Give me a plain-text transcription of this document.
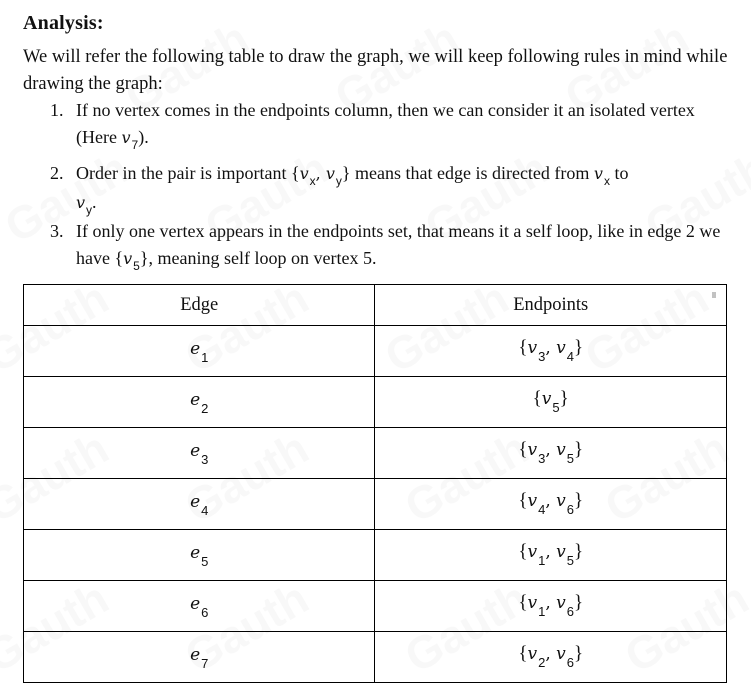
Analysis:
We will refer the following table to draw the graph, we will keep following rules in mind while drawing the graph:
1. If no vertex comes in the endpoints column, then we can consider it an isolated vertex (Here $v_7$).
2. Order in the pair is important {$v_x$, $v_y$} means that edge is directed from $v_x$ to
$v_y$.
3. If only one vertex appears in the endpoints set, that means it a self loop, like in edge 2 we have $\{v_5\}$, meaning self loop on vertex 5.
Edge	Endpoints
$e_1$	{$v_3$, $v_4$}
$e_2$	$\{v_5\}$
$e_3$	{$v_3$, $v_5$}
$e_4$	{$v_4$, $v_6$}
$e_5$	{$v_1$, $v_5$}
$e_6$	{$v_1$, $v_6$}
$e_7$	{$v_2$, $v_6$}
